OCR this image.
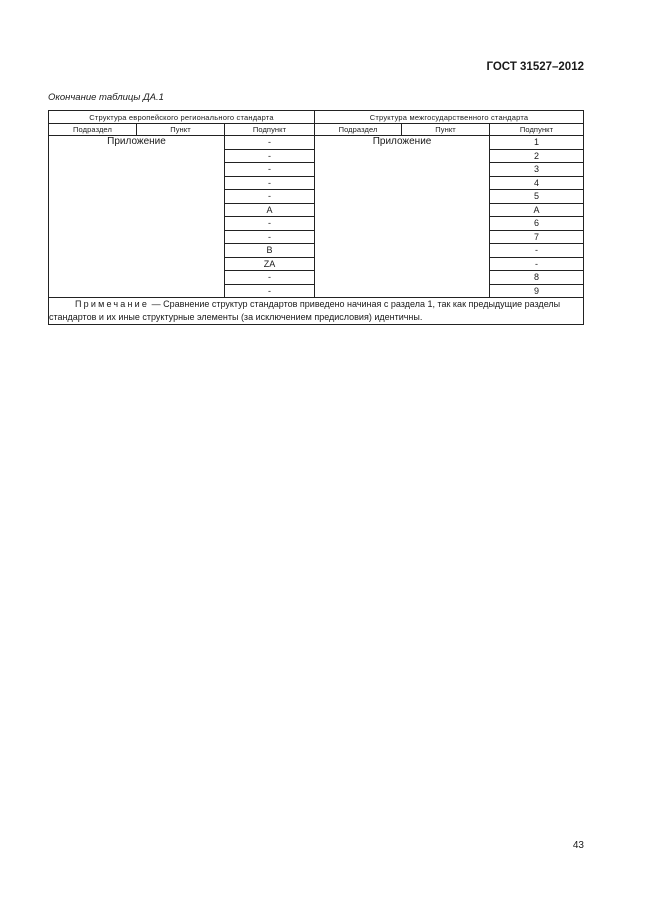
ГОСТ 31527–2012
Окончание таблицы ДА.1
Структура европейского регионального стандарта			Структура межгосударственного стандарта		
Подраздел	Пункт	Подпункт	Подраздел	Пункт	Подпункт
Приложение		-	Приложение		1
		-			2
		-			3
		-			4
		-			5
		A			A
		-			6
		-			7
		B			-
		ZA			-
		-			8
		-			9
Примечание — Сравнение структур стандартов приведено начиная с раздела 1, так как предыдущие разделы стандартов и их иные структурные элементы (за исключением предисловия) идентичны.					
43
